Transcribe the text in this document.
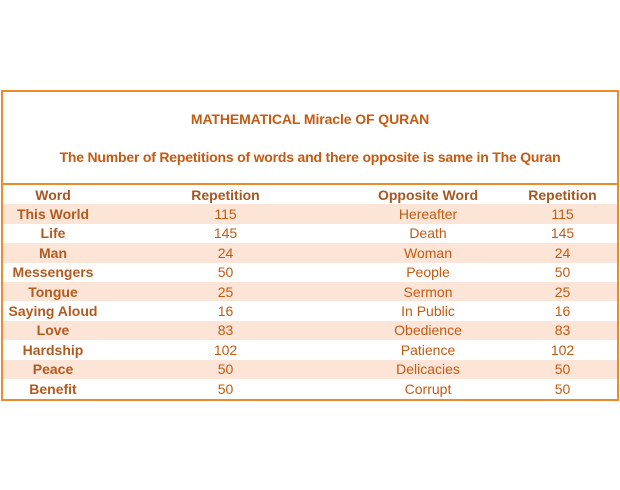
MATHEMATICAL Miracle OF QURAN
The Number of Repetitions of words and there opposite is same in The Quran
Word	Repetition	Opposite Word	Repetition
This World	115	Hereafter	115
Life	145	Death	145
Man	24	Woman	24
Messengers	50	People	50
Tongue	25	Sermon	25
Saying Aloud	16	In Public	16
Love	83	Obedience	83
Hardship	102	Patience	102
Peace	50	Delicacies	50
Benefit	50	Corrupt	50
